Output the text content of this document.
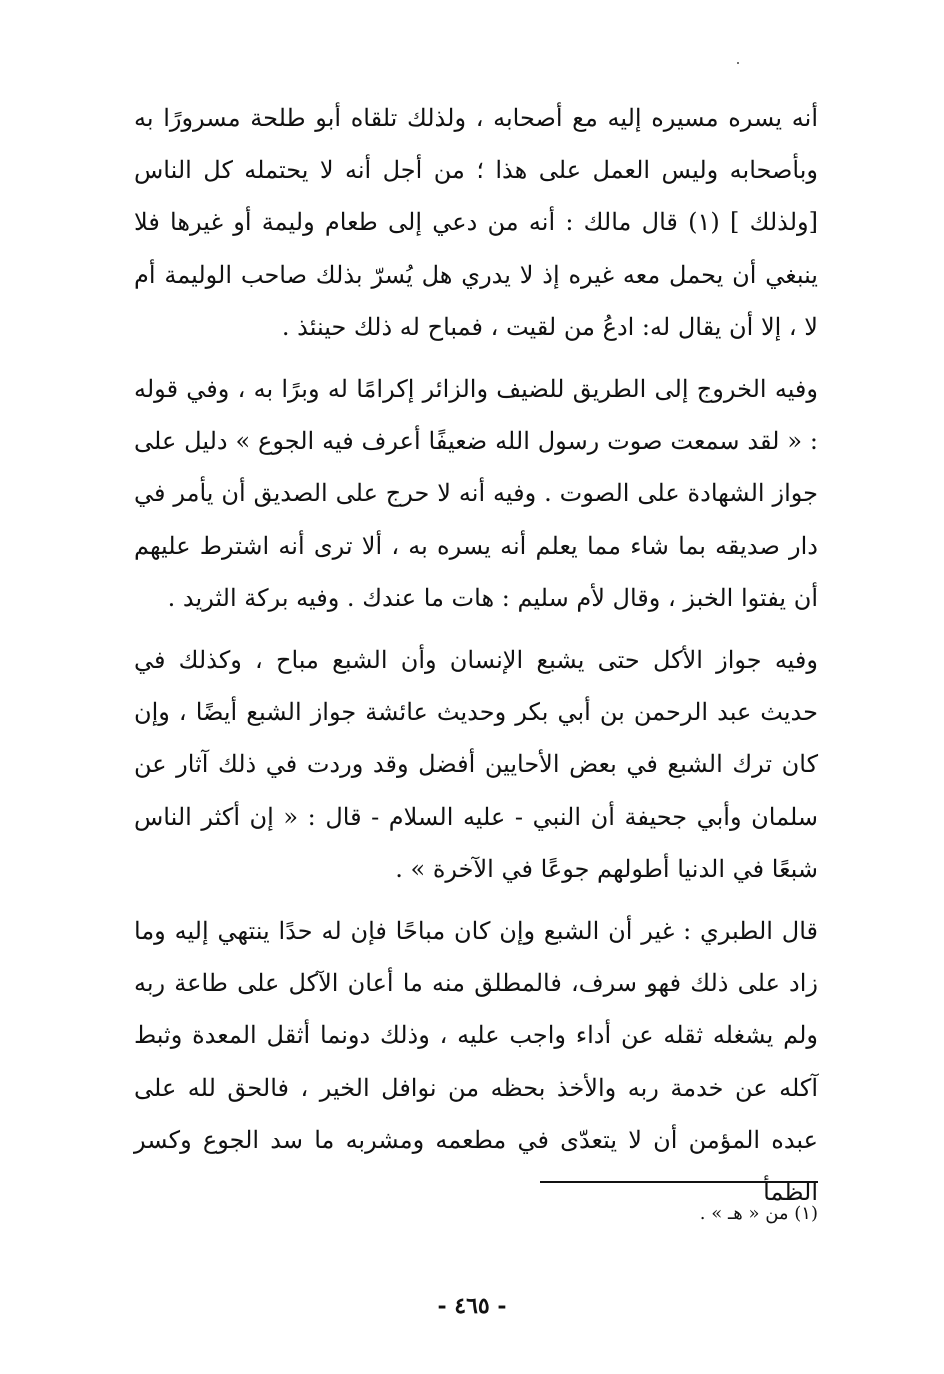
أنه يسره مسيره إليه مع أصحابه ، ولذلك تلقاه أبو طلحة مسرورًا به وبأصحابه وليس العمل على هذا ؛ من أجل أنه لا يحتمله كل الناس [ولذلك ] (١) قال مالك : أنه من دعي إلى طعام وليمة أو غيرها فلا ينبغي أن يحمل معه غيره إذ لا يدري هل يُسرّ بذلك صاحب الوليمة أم لا ، إلا أن يقال له: ادعُ من لقيت ، فمباح له ذلك حينئذ .

وفيه الخروج إلى الطريق للضيف والزائر إكرامًا له وبرًا به ، وفي قوله : « لقد سمعت صوت رسول الله ضعيفًا أعرف فيه الجوع » دليل على جواز الشهادة على الصوت . وفيه أنه لا حرج على الصديق أن يأمر في دار صديقه بما شاء مما يعلم أنه يسره به ، ألا ترى أنه اشترط عليهم أن يفتوا الخبز ، وقال لأم سليم : هات ما عندك . وفيه بركة الثريد .

وفيه جواز الأكل حتى يشبع الإنسان وأن الشبع مباح ، وكذلك في حديث عبد الرحمن بن أبي بكر وحديث عائشة جواز الشبع أيضًا ، وإن كان ترك الشبع في بعض الأحايين أفضل وقد وردت في ذلك آثار عن سلمان وأبي جحيفة أن النبي - عليه السلام - قال : « إن أكثر الناس شبعًا في الدنيا أطولهم جوعًا في الآخرة » .

قال الطبري : غير أن الشبع وإن كان مباحًا فإن له حدًا ينتهي إليه وما زاد على ذلك فهو سرف، فالمطلق منه ما أعان الآكل على طاعة ربه ولم يشغله ثقله عن أداء واجب عليه ، وذلك دونما أثقل المعدة وثبط آكله عن خدمة ربه والأخذ بحظه من نوافل الخير ، فالحق لله على عبده المؤمن أن لا يتعدّى في مطعمه ومشربه ما سد الجوع وكسر الظمأ

(١) من « هـ » .
- ٤٦٥ -
